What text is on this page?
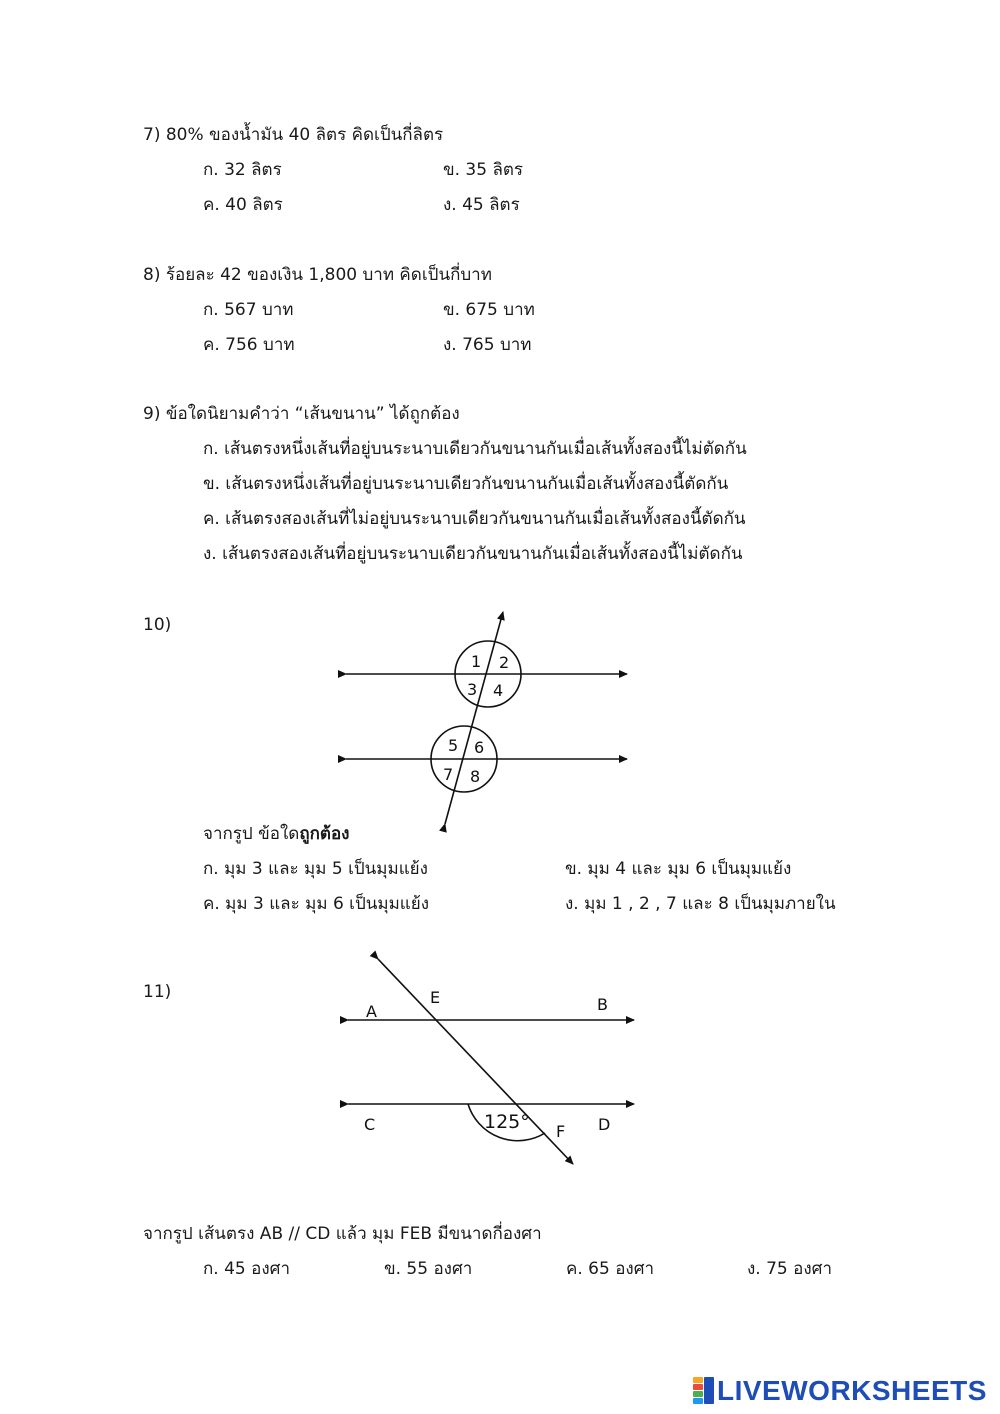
7) 80% ของน้ำมัน 40 ลิตร คิดเป็นกี่ลิตร
ก. 32 ลิตร	ข. 35 ลิตร
ค. 40 ลิตร	ง. 45 ลิตร
8) ร้อยละ 42 ของเงิน 1,800 บาท คิดเป็นกี่บาท
ก. 567 บาท	ข. 675 บาท
ค. 756 บาท	ง. 765 บาท
9) ข้อใดนิยามคำว่า “เส้นขนาน” ได้ถูกต้อง
ก. เส้นตรงหนึ่งเส้นที่อยู่บนระนาบเดียวกันขนานกันเมื่อเส้นทั้งสองนี้ไม่ตัดกัน
ข. เส้นตรงหนึ่งเส้นที่อยู่บนระนาบเดียวกันขนานกันเมื่อเส้นทั้งสองนี้ตัดกัน
ค. เส้นตรงสองเส้นที่ไม่อยู่บนระนาบเดียวกันขนานกันเมื่อเส้นทั้งสองนี้ตัดกัน
ง. เส้นตรงสองเส้นที่อยู่บนระนาบเดียวกันขนานกันเมื่อเส้นทั้งสองนี้ไม่ตัดกัน
10)
1 2
3 4
5 6
7 8
จากรูป ข้อใดถูกต้อง
ก. มุม 3 และ มุม 5 เป็นมุมแย้ง	ข. มุม 4 และ มุม 6 เป็นมุมแย้ง
ค. มุม 3 และ มุม 6 เป็นมุมแย้ง	ง. มุม 1 , 2 , 7 และ 8 เป็นมุมภายใน
11)
A
E	B
C	F D
125°
จากรูป เส้นตรง AB // CD แล้ว มุม FEB มีขนาดกี่องศา
ก. 45 องศา	ข. 55 องศา	ค. 65 องศา	ง. 75 องศา
LIVEWORKSHEETS
